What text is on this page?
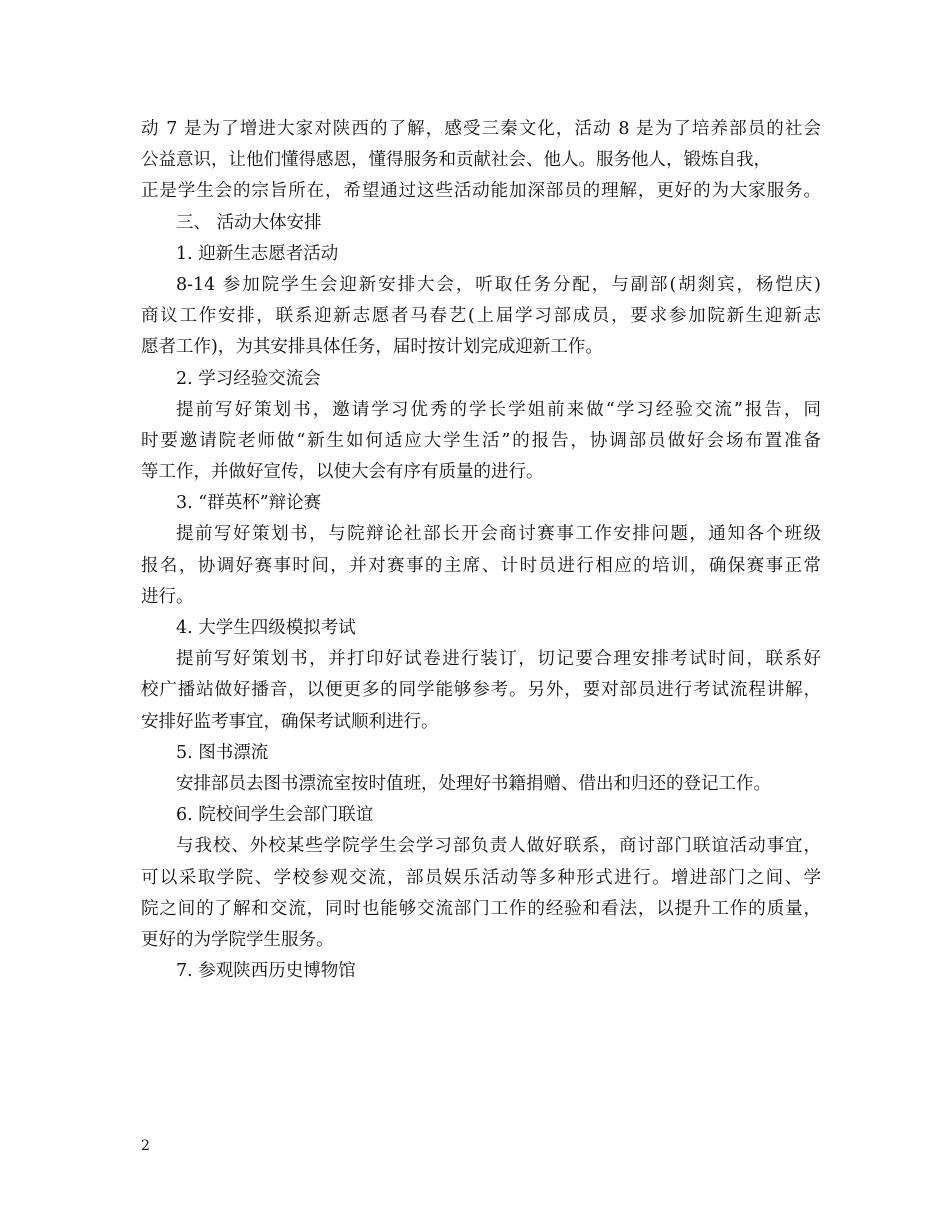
动 7 是为了增进大家对陕西的了解，感受三秦文化，活动 8 是为了培养部员的社会
公益意识，让他们懂得感恩，懂得服务和贡献社会、他人。服务他人，锻炼自我，
正是学生会的宗旨所在，希望通过这些活动能加深部员的理解，更好的为大家服务。
三、 活动大体安排
1. 迎新生志愿者活动
8-14 参加院学生会迎新安排大会，听取任务分配，与副部(胡剡宾，杨恺庆)
商议工作安排，联系迎新志愿者马春艺(上届学习部成员，要求参加院新生迎新志
愿者工作)，为其安排具体任务，届时按计划完成迎新工作。
2. 学习经验交流会
提前写好策划书，邀请学习优秀的学长学姐前来做“学习经验交流”报告，同
时要邀请院老师做“新生如何适应大学生活”的报告，协调部员做好会场布置准备
等工作，并做好宣传，以使大会有序有质量的进行。
3. “群英杯”辩论赛
提前写好策划书，与院辩论社部长开会商讨赛事工作安排问题，通知各个班级
报名，协调好赛事时间，并对赛事的主席、计时员进行相应的培训，确保赛事正常
进行。
4. 大学生四级模拟考试
提前写好策划书，并打印好试卷进行装订，切记要合理安排考试时间，联系好
校广播站做好播音，以便更多的同学能够参考。另外，要对部员进行考试流程讲解，
安排好监考事宜，确保考试顺利进行。
5. 图书漂流
安排部员去图书漂流室按时值班，处理好书籍捐赠、借出和归还的登记工作。
6. 院校间学生会部门联谊
与我校、外校某些学院学生会学习部负责人做好联系，商讨部门联谊活动事宜，
可以采取学院、学校参观交流，部员娱乐活动等多种形式进行。增进部门之间、学
院之间的了解和交流，同时也能够交流部门工作的经验和看法，以提升工作的质量，
更好的为学院学生服务。
7. 参观陕西历史博物馆
2
